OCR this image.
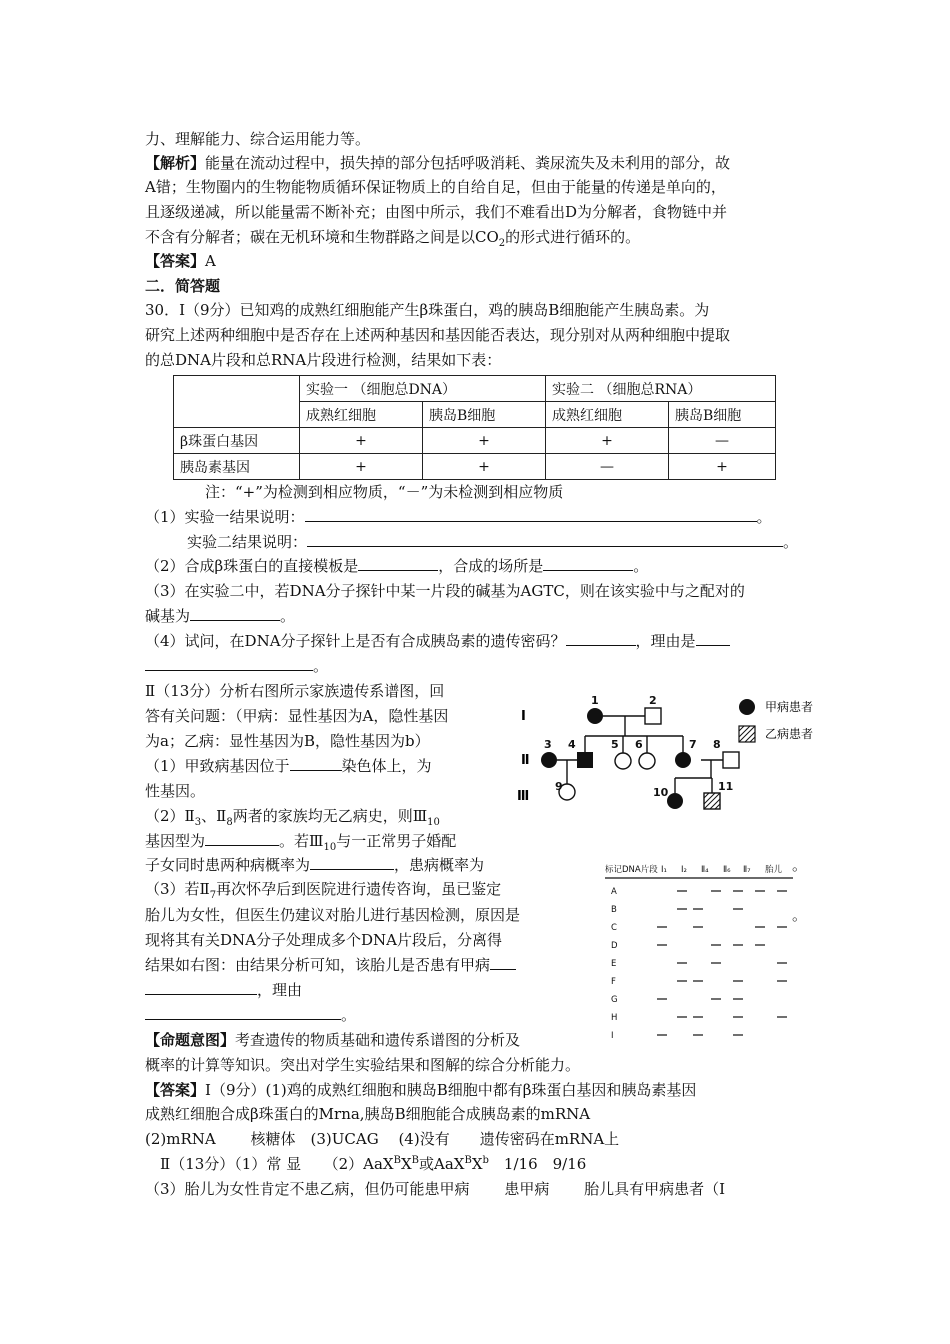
力、理解能力、综合运用能力等。
【解析】能量在流动过程中，损失掉的部分包括呼吸消耗、粪尿流失及未利用的部分，故
A错；生物圈内的生物能物质循环保证物质上的自给自足，但由于能量的传递是单向的，
且逐级递减，所以能量需不断补充；由图中所示，我们不难看出D为分解者，食物链中并
不含有分解者；碳在无机环境和生物群路之间是以$CO_2$的形式进行循环的。
【答案】A
二．简答题
30．Ⅰ（9分）已知鸡的成熟红细胞能产生β珠蛋白，鸡的胰岛B细胞能产生胰岛素。为
研究上述两种细胞中是否存在上述两种基因和基因能否表达，现分别对从两种细胞中提取
的总DNA片段和总RNA片段进行检测，结果如下表：
	实验一 （细胞总DNA）		实验二 （细胞总RNA）	
	成熟红细胞	胰岛B细胞	成熟红细胞	胰岛B细胞
β珠蛋白基因	+	+	+	—
胰岛素基因	+	+	—	+
注：“+”为检测到相应物质，“－”为未检测到相应物质
（1）实验一结果说明：	。
实验二结果说明：	。
（2）合成β珠蛋白的直接模板是	，合成的场所是	。
（3）在实验二中，若DNA分子探针中某一片段的碱基为AGTC，则在该实验中与之配对的
碱基为	。
（4）试问，在DNA分子探针上是否有合成胰岛素的遗传密码？	，理由是
。
Ⅱ（13分）分析右图所示家族遗传系谱图，回
答有关问题：（甲病：显性基因为A，隐性基因
为a；乙病：显性基因为B，隐性基因为b）
（1）甲致病基因位于	染色体上，为
性基因。
$(2)Ⅱ_3$、$Ⅱ_8$两者的家族均无乙病史，则$Ⅲ_{10}$
基因型为	。若$Ⅲ_{10}$与一正常男子婚配
子女同时患两种病概率为	，患病概率为	。
（3）若$Ⅱ_7$再次怀孕后到医院进行遗传咨询，虽已鉴定
胎儿为女性，但医生仍建议对胎儿进行基因检测，原因是	。
现将其有关DNA分子处理成多个DNA片段后，分离得
结果如右图：由结果分析可知，该胎儿是否患有甲病
，理由
。
Ⅰ
Ⅱ
Ⅲ
1	2
3 4	5 6	7 8
9	10	11
甲病患者
乙病患者
标记DNA片段 Ⅰ₁ Ⅰ₂ Ⅱ₄ Ⅱ₆ Ⅱ₇ 胎儿
A
B
C
D
E
F
G
H
I
【命题意图】考查遗传的物质基础和遗传系谱图的分析及
概率的计算等知识。突出对学生实验结果和图解的综合分析能力。
【答案】Ⅰ（9分）(1)鸡的成熟红细胞和胰岛B细胞中都有β珠蛋白基因和胰岛素基因
成熟红细胞合成β珠蛋白的Mrna,胰岛B细胞能合成胰岛素的mRNA
(2)mRNA　　 核糖体　(3)UCAG　 (4)没有　　遗传密码在mRNA上
Ⅱ（13分）（1）常 显　　$(2)AaX^BX^B$或$AaX^BX^b$　1/16　9/16
（3）胎儿为女性肯定不患乙病，但仍可能患甲病　　 患甲病　　 胎儿具有甲病患者（Ⅰ
